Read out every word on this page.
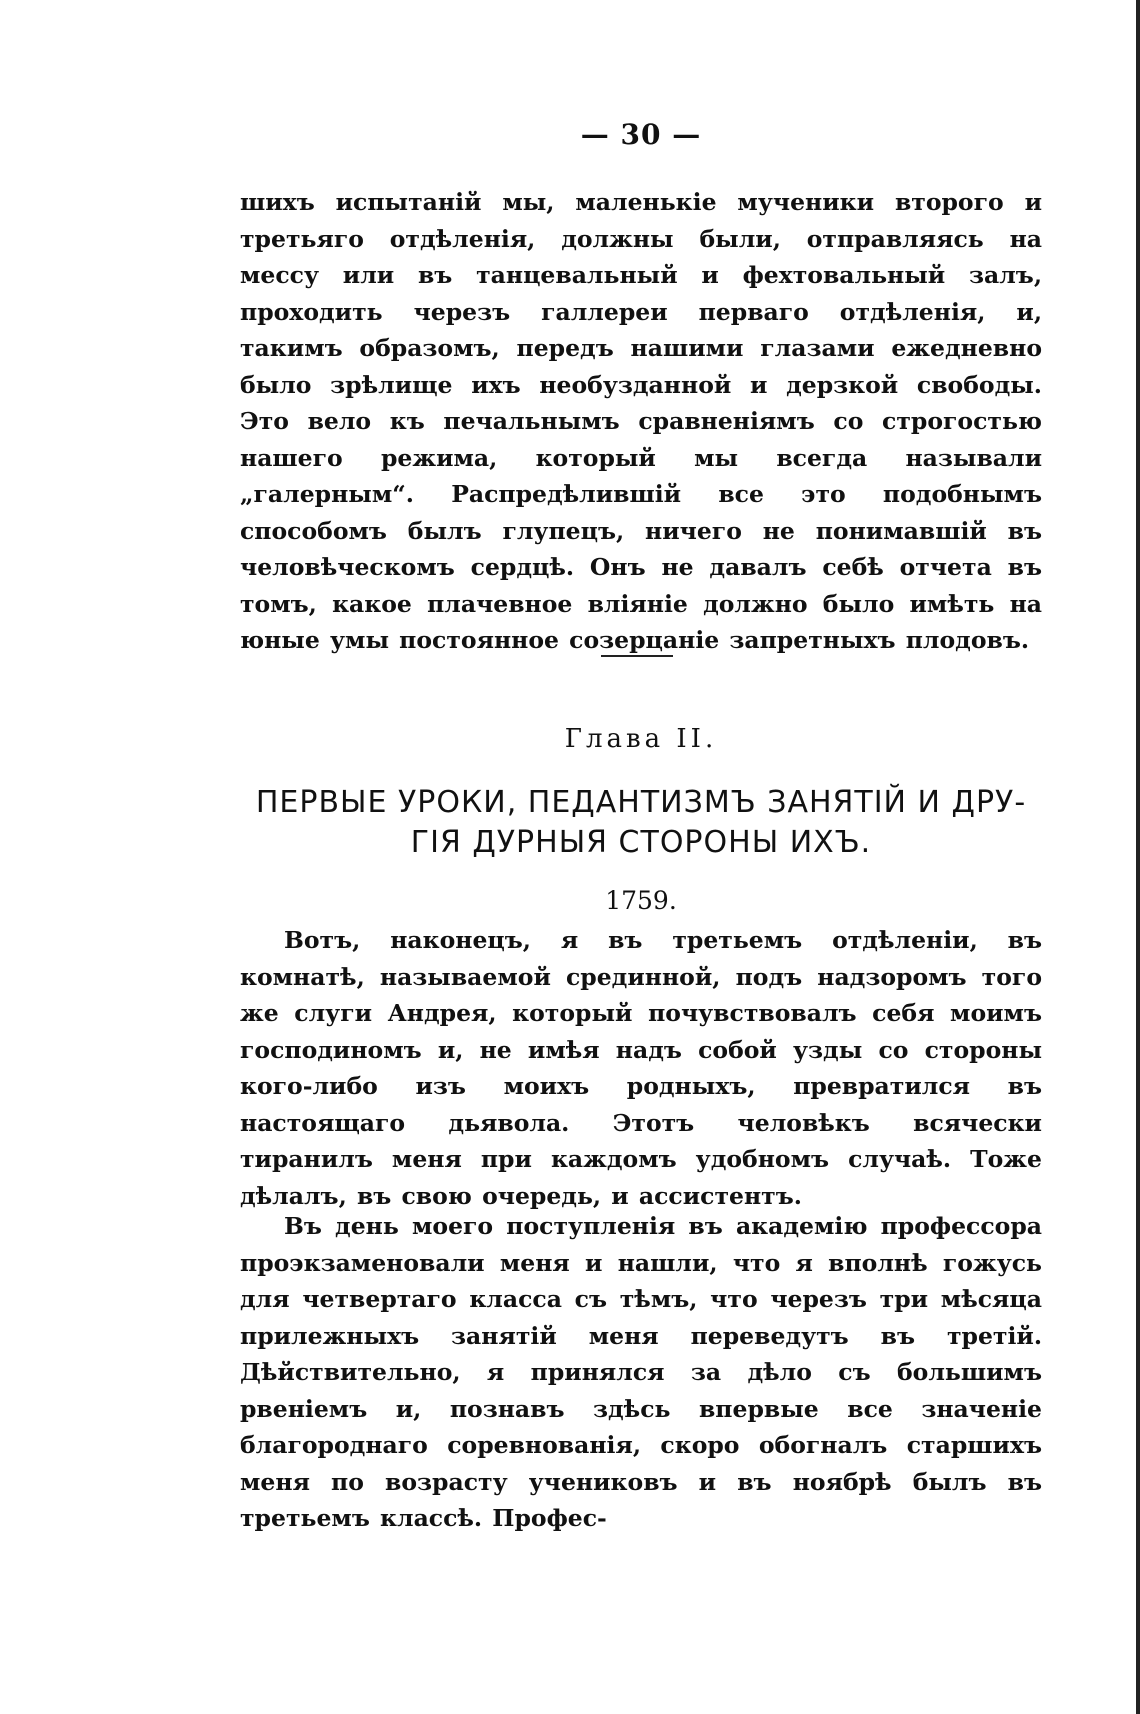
— 30 —

шихъ испытаній мы, маленькіе мученики второго и третьяго отдѣленія, должны были, отправляясь на мессу или въ танцевальный и фехтовальный залъ, проходить черезъ галлереи перваго отдѣленія, и, такимъ образомъ, передъ нашими глазами ежедневно было зрѣлище ихъ необузданной и дерзкой свободы. Это вело къ печальнымъ сравненіямъ со строгостью нашего режима, который мы всегда называли „галерным“. Распредѣлившій все это подобнымъ способомъ былъ глупецъ, ничего не понимавшій въ человѣческомъ сердцѣ. Онъ не давалъ себѣ отчета въ томъ, какое плачевное вліяніе должно было имѣть на юные умы постоянное созерцаніе запретныхъ плодовъ.

Глава II.
ПЕРВЫЕ УРОКИ, ПЕДАНТИЗМЪ ЗАНЯТІЙ И ДРУ-
ГІЯ ДУРНЫЯ СТОРОНЫ ИХЪ.
1759.

Вотъ, наконецъ, я въ третьемъ отдѣленіи, въ комнатѣ, называемой срединной, подъ надзоромъ того же слуги Андрея, который почувствовалъ себя моимъ господиномъ и, не имѣя надъ собой узды со стороны кого-либо изъ моихъ родныхъ, превратился въ настоящаго дьявола. Этотъ человѣкъ всячески тиранилъ меня при каждомъ удобномъ случаѣ. Тоже дѣлалъ, въ свою очередь, и ассистентъ.

Въ день моего поступленія въ академію профессора проэкзаменовали меня и нашли, что я вполнѣ гожусь для четвертаго класса съ тѣмъ, что черезъ три мѣсяца прилежныхъ занятій меня переведутъ въ третій. Дѣйствительно, я принялся за дѣло съ большимъ рвеніемъ и, познавъ здѣсь впервые все значеніе благороднаго соревнованія, скоро обогналъ старшихъ меня по возрасту учениковъ и въ ноябрѣ былъ въ третьемъ классѣ. Профес-
